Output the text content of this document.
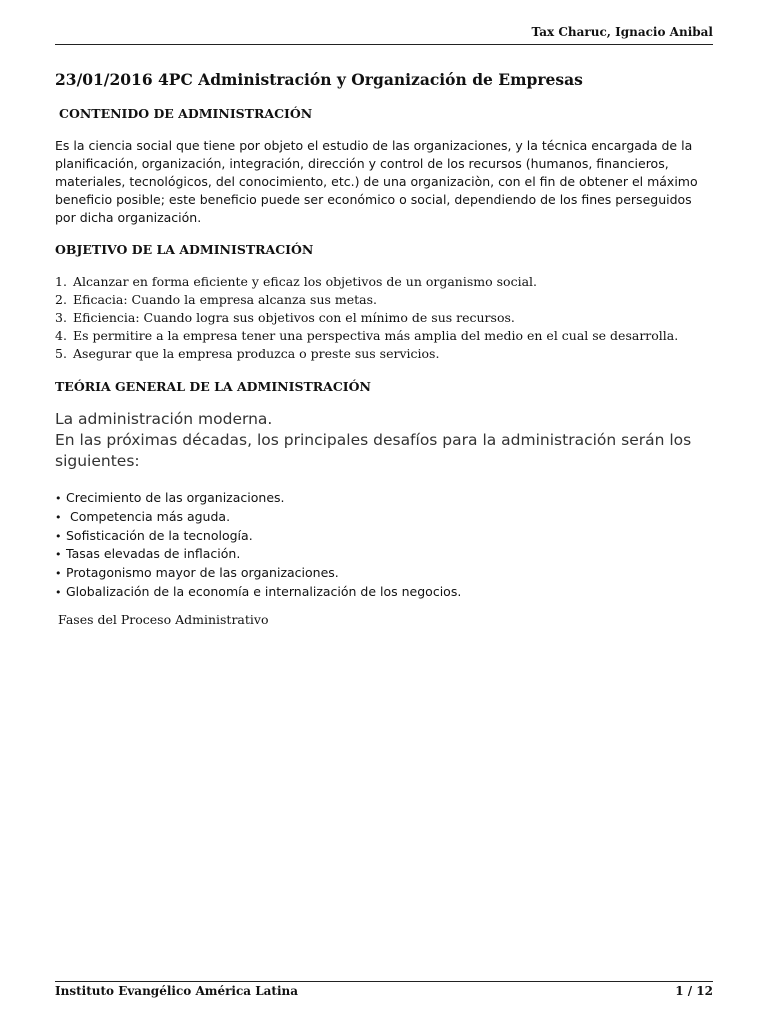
Tax Charuc, Ignacio Anibal
23/01/2016 4PC Administración y Organización de Empresas
CONTENIDO DE ADMINISTRACIÓN
Es la ciencia social que tiene por objeto el estudio de las organizaciones, y la técnica encargada de la
planificación, organización, integración, dirección y control de los recursos (humanos, financieros,
materiales, tecnológicos, del conocimiento, etc.) de una organizaciòn, con el fin de obtener el máximo
beneficio posible; este beneficio puede ser económico o social, dependiendo de los fines perseguidos
por dicha organización.
OBJETIVO DE LA ADMINISTRACIÓN
1. Alcanzar en forma eficiente y eficaz los objetivos de un organismo social.
2. Eficacia: Cuando la empresa alcanza sus metas.
3. Eficiencia: Cuando logra sus objetivos con el mínimo de sus recursos.
4. Es permitire a la empresa tener una perspectiva más amplia del medio en el cual se desarrolla.
5. Asegurar que la empresa produzca o preste sus servicios.
TEÓRIA GENERAL DE LA ADMINISTRACIÓN
La administración moderna.
En las próximas décadas, los principales desafíos para la administración serán los
siguientes:
• Crecimiento de las organizaciones.
• Competencia más aguda.
• Sofisticación de la tecnología.
• Tasas elevadas de inflación.
• Protagonismo mayor de las organizaciones.
• Globalización de la economía e internalización de los negocios.
Fases del Proceso Administrativo
Instituto Evangélico América Latina	1 / 12
